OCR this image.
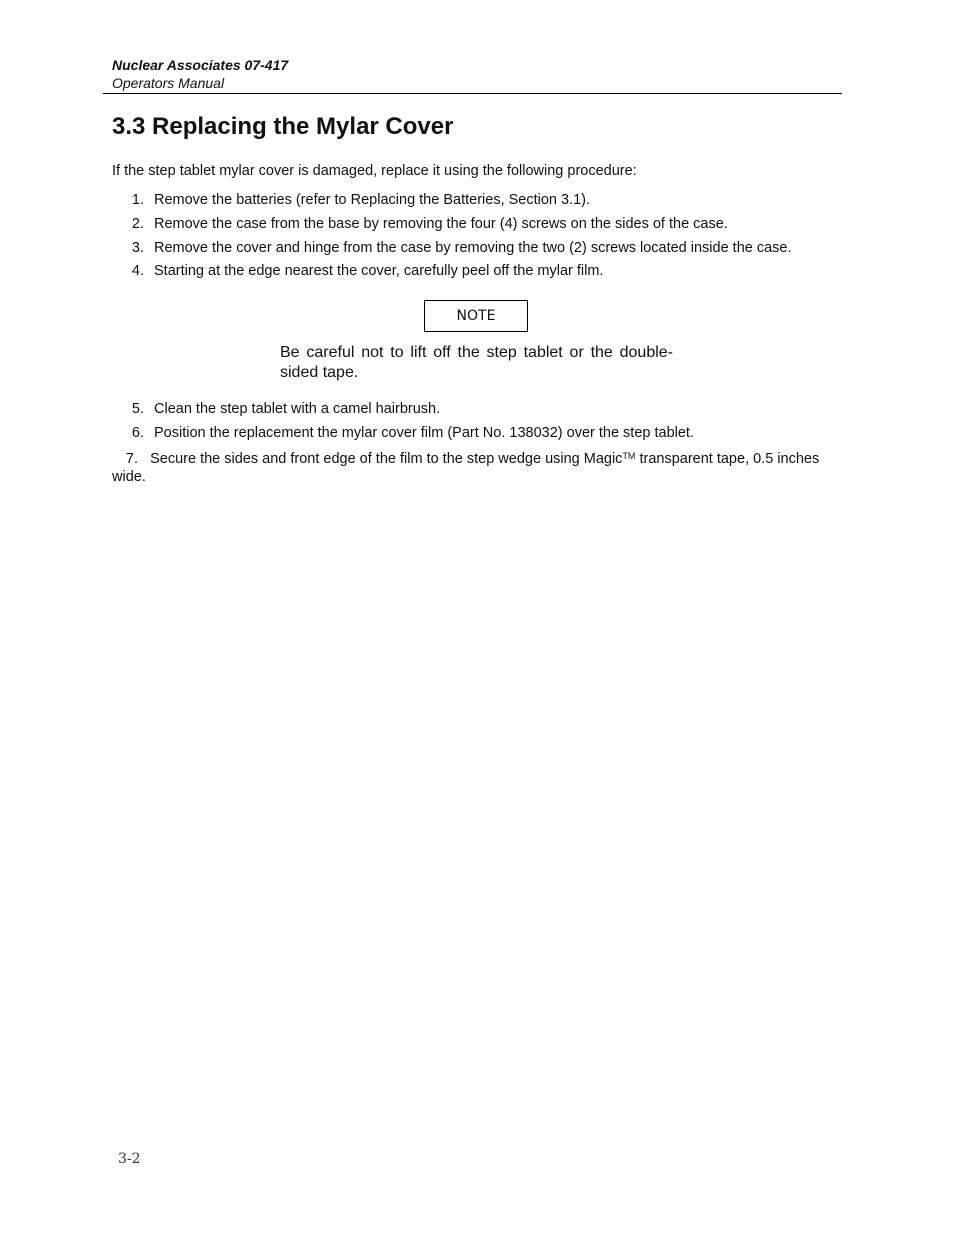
Nuclear Associates 07-417
Operators Manual
3.3 Replacing the Mylar Cover
If the step tablet mylar cover is damaged, replace it using the following procedure:
1. Remove the batteries (refer to Replacing the Batteries, Section 3.1).
2. Remove the case from the base by removing the four (4) screws on the sides of the case.
3. Remove the cover and hinge from the case by removing the two (2) screws located inside the case.
4. Starting at the edge nearest the cover, carefully peel off the mylar film.
NOTE
Be careful not to lift off the step tablet or the double-sided tape.
5. Clean the step tablet with a camel hairbrush.
6. Position the replacement the mylar cover film (Part No. 138032) over the step tablet.
7. Secure the sides and front edge of the film to the step wedge using Magic™ transparent tape, 0.5 inches wide.
3-2
